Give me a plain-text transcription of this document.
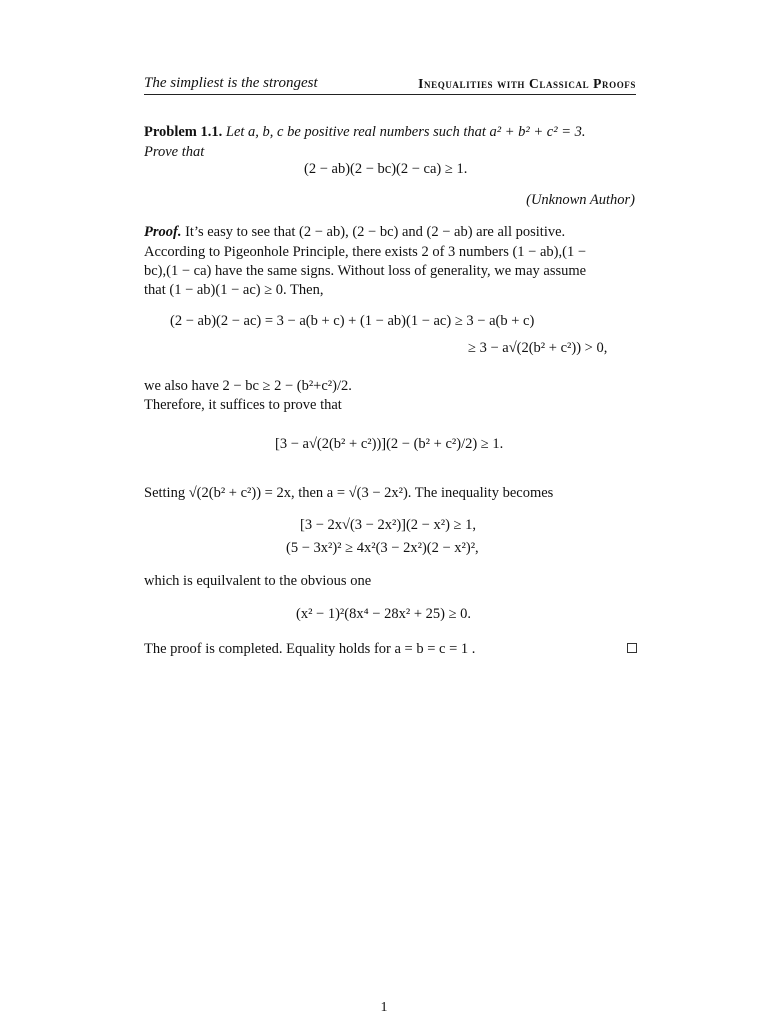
The simpliest is the strongest	Inequalities with Classical Proofs
Problem 1.1. Let a, b, c be positive real numbers such that a² + b² + c² = 3.
Prove that
(2 − ab)(2 − bc)(2 − ca) ≥ 1.
(Unknown Author)
Proof. It’s easy to see that (2 − ab), (2 − bc) and (2 − ab) are all positive.
According to Pigeonhole Principle, there exists 2 of 3 numbers (1 − ab),(1 −
bc),(1 − ca) have the same signs. Without loss of generality, we may assume
that (1 − ab)(1 − ac) ≥ 0. Then,
(2 − ab)(2 − ac) = 3 − a(b + c) + (1 − ab)(1 − ac) ≥ 3 − a(b + c)
≥ 3 − a√(2(b² + c²)) > 0,
we also have 2 − bc ≥ 2 − (b²+c²)/2.
Therefore, it suffices to prove that
[3 − a√(2(b² + c²))](2 − (b² + c²)/2) ≥ 1.
Setting √(2(b² + c²)) = 2x, then a = √(3 − 2x²). The inequality becomes
[3 − 2x√(3 − 2x²)](2 − x²) ≥ 1,
(5 − 3x²)² ≥ 4x²(3 − 2x²)(2 − x²)²,
which is equilvalent to the obvious one
(x² − 1)²(8x⁴ − 28x² + 25) ≥ 0.
The proof is completed. Equality holds for a = b = c = 1 .
1
